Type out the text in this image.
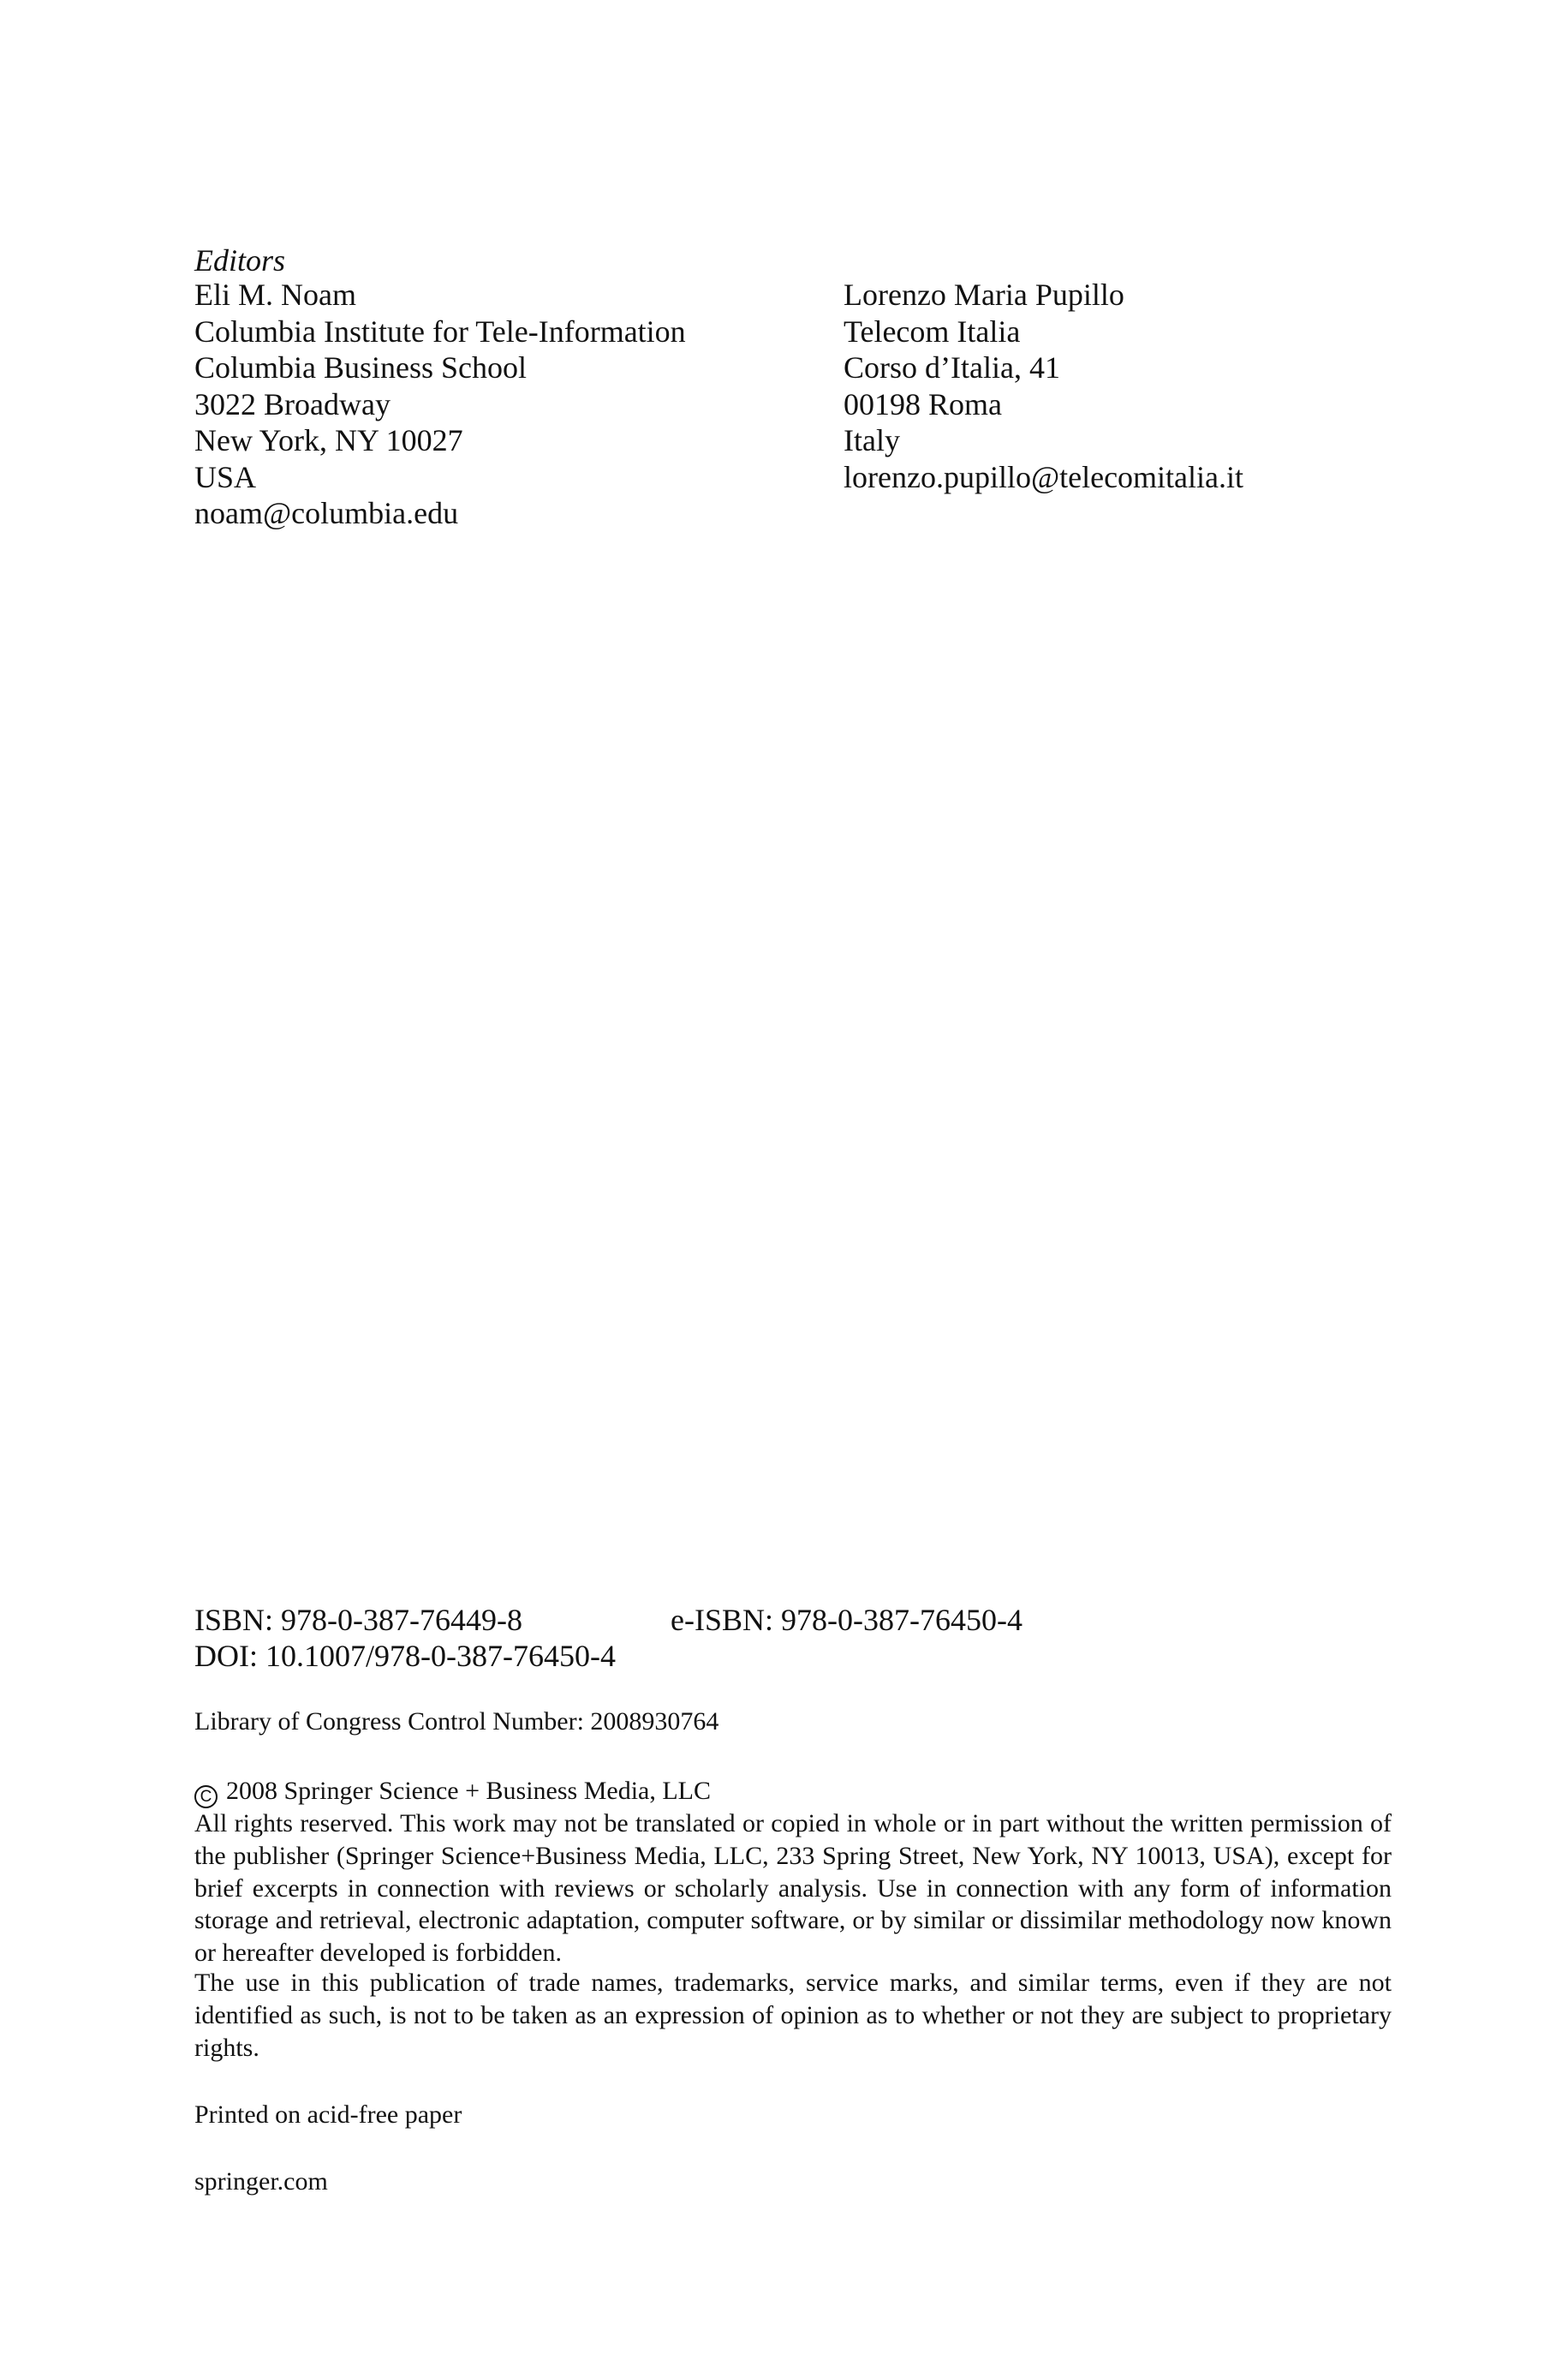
Editors

Eli M. Noam
Columbia Institute for Tele-Information
Columbia Business School
3022 Broadway
New York, NY 10027
USA
noam@columbia.edu
Lorenzo Maria Pupillo
Telecom Italia
Corso d’Italia, 41
00198 Roma
Italy
lorenzo.pupillo@telecomitalia.it

ISBN: 978-0-387-76449-8	e-ISBN: 978-0-387-76450-4

DOI: 10.1007/978-0-387-76450-4

Library of Congress Control Number: 2008930764

C 2008 Springer Science + Business Media, LLC

All rights reserved. This work may not be translated or copied in whole or in part without the written permission of the publisher (Springer Science+Business Media, LLC, 233 Spring Street, New York, NY 10013, USA), except for brief excerpts in connection with reviews or scholarly analysis. Use in connection with any form of information storage and retrieval, electronic adaptation, computer software, or by similar or dissimilar methodology now known or hereafter developed is forbidden.

The use in this publication of trade names, trademarks, service marks, and similar terms, even if they are not identified as such, is not to be taken as an expression of opinion as to whether or not they are subject to proprietary rights.

Printed on acid-free paper

springer.com
